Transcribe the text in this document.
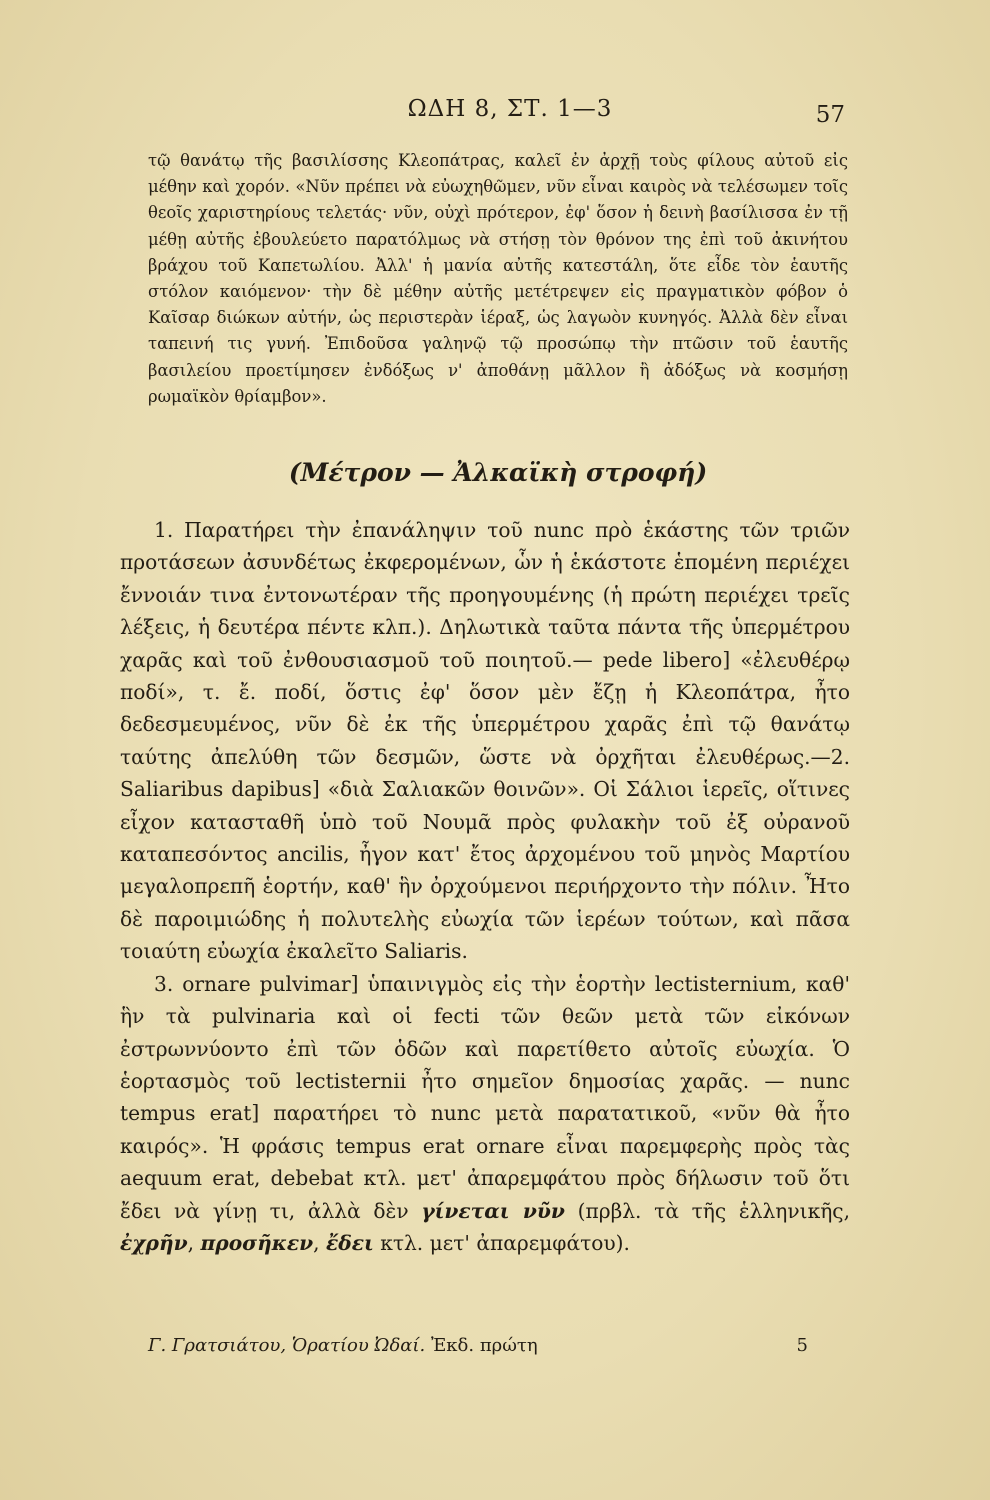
ΩΔΗ 8, ΣΤ. 1—3	57

τῷ θανάτῳ τῆς βασιλίσσης Κλεοπάτρας, καλεῖ ἐν ἀρχῇ τοὺς φίλους αὐτοῦ εἰς μέθην καὶ χορόν. «Νῦν πρέπει νὰ εὐωχηθῶμεν, νῦν εἶναι καιρὸς νὰ τελέσωμεν τοῖς θεοῖς χαριστηρίους τελετάς· νῦν, οὐχὶ πρότερον, ἐφ' ὅσον ἡ δεινὴ βασίλισσα ἐν τῇ μέθῃ αὐτῆς ἐβουλεύετο παρατόλμως νὰ στήσῃ τὸν θρόνον της ἐπὶ τοῦ ἀκινήτου βράχου τοῦ Καπετωλίου. Ἀλλ' ἡ μανία αὐτῆς κατεστάλη, ὅτε εἶδε τὸν ἑαυτῆς στόλον καιόμενον· τὴν δὲ μέθην αὐτῆς μετέτρεψεν εἰς πραγματικὸν φόβον ὁ Καῖσαρ διώκων αὐτήν, ὡς περιστερὰν ἱέραξ, ὡς λαγωὸν κυνηγός. Ἀλλὰ δὲν εἶναι ταπεινή τις γυνή. Ἐπιδοῦσα γαληνῷ τῷ προσώπῳ τὴν πτῶσιν τοῦ ἑαυτῆς βασιλείου προετίμησεν ἐνδόξως ν' ἀποθάνῃ μᾶλλον ἢ ἀδόξως νὰ κοσμήσῃ ρωμαϊκὸν θρίαμβον».

(Μέτρον — Ἀλκαϊκὴ στροφή)

1. Παρατήρει τὴν ἐπανάληψιν τοῦ nunc πρὸ ἑκάστης τῶν τριῶν προτάσεων ἀσυνδέτως ἐκφερομένων, ὧν ἡ ἑκάστοτε ἑπομένη περιέχει ἔννοιάν τινα ἐντονωτέραν τῆς προηγουμένης (ἡ πρώτη περιέχει τρεῖς λέξεις, ἡ δευτέρα πέντε κλπ.). Δηλωτικὰ ταῦτα πάντα τῆς ὑπερμέτρου χαρᾶς καὶ τοῦ ἐνθουσιασμοῦ τοῦ ποιητοῦ.— pede libero] «ἐλευθέρῳ ποδί», τ. ἔ. ποδί, ὅστις ἐφ' ὅσον μὲν ἔζῃ ἡ Κλεοπάτρα, ἦτο δεδεσμευμένος, νῦν δὲ ἐκ τῆς ὑπερμέτρου χαρᾶς ἐπὶ τῷ θανάτῳ ταύτης ἀπελύθη τῶν δεσμῶν, ὥστε νὰ ὀρχῆται ἐλευθέρως.—2. Saliaribus dapibus] «διὰ Σαλιακῶν θοινῶν». Οἱ Σάλιοι ἱερεῖς, οἵτινες εἶχον κατασταθῆ ὑπὸ τοῦ Νουμᾶ πρὸς φυλακὴν τοῦ ἐξ οὐρανοῦ καταπεσόντος ancilis, ἦγον κατ' ἔτος ἀρχομένου τοῦ μηνὸς Μαρτίου μεγαλοπρεπῆ ἑορτήν, καθ' ἣν ὀρχούμενοι περιήρχοντο τὴν πόλιν. Ἦτο δὲ παροιμιώδης ἡ πολυτελὴς εὐωχία τῶν ἱερέων τούτων, καὶ πᾶσα τοιαύτη εὐωχία ἐκαλεῖτο Saliaris.

3. ornare pulvimar] ὑπαινιγμὸς εἰς τὴν ἑορτὴν lectisternium, καθ' ἣν τὰ pulvinaria καὶ οἱ fecti τῶν θεῶν μετὰ τῶν εἰκόνων ἐστρωννύοντο ἐπὶ τῶν ὁδῶν καὶ παρετίθετο αὐτοῖς εὐωχία. Ὁ ἑορτασμὸς τοῦ lectisternii ἦτο σημεῖον δημοσίας χαρᾶς. — nunc tempus erat] παρατήρει τὸ nunc μετὰ παρατατικοῦ, «νῦν θὰ ἦτο καιρός». Ἡ φράσις tempus erat ornare εἶναι παρεμφερὴς πρὸς τὰς aequum erat, debebat κτλ. μετ' ἀπαρεμφάτου πρὸς δήλωσιν τοῦ ὅτι ἔδει νὰ γίνῃ τι, ἀλλὰ δὲν γίνεται νῦν (πρβλ. τὰ τῆς ἑλληνικῆς, ἐχρῆν, προσῆκεν, ἔδει κτλ. μετ' ἀπαρεμφάτου).

Γ. Γρατσιάτου, Ὁρατίου Ὠδαί. Ἐκδ. πρώτη	5
